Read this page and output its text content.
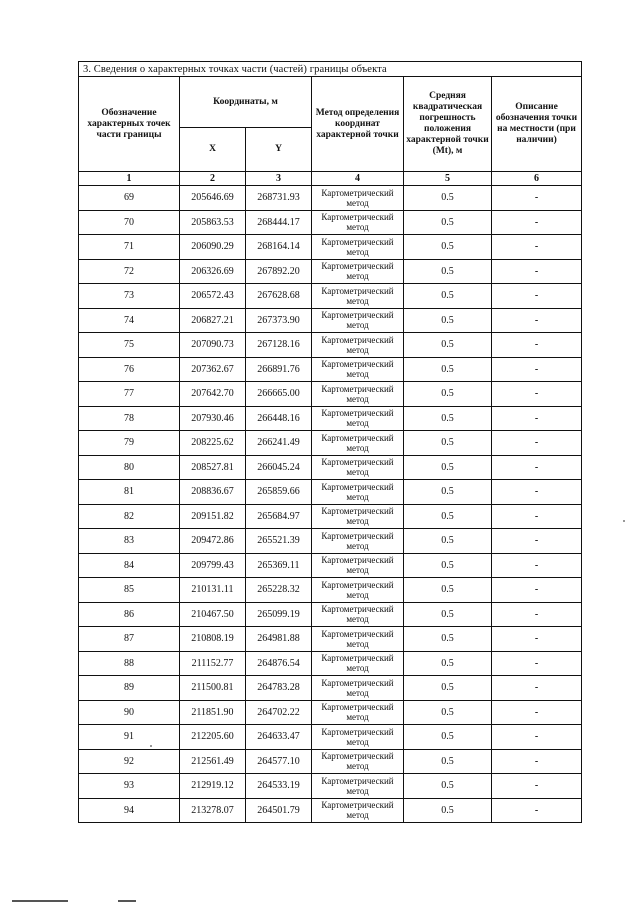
3. Сведения о характерных точках части (частей) границы объекта					
Обозначение характерных точек части границы	Координаты, м		Метод определения координат характерной точки	Средняя квадратическая погрешность положения характерной точки (Mt), м	Описание обозначения точки на местности (при наличии)
	X	Y			
1	2	3	4	5	6
69	205646.69	268731.93	Картометрический метод	0.5	-
70	205863.53	268444.17	Картометрический метод	0.5	-
71	206090.29	268164.14	Картометрический метод	0.5	-
72	206326.69	267892.20	Картометрический метод	0.5	-
73	206572.43	267628.68	Картометрический метод	0.5	-
74	206827.21	267373.90	Картометрический метод	0.5	-
75	207090.73	267128.16	Картометрический метод	0.5	-
76	207362.67	266891.76	Картометрический метод	0.5	-
77	207642.70	266665.00	Картометрический метод	0.5	-
78	207930.46	266448.16	Картометрический метод	0.5	-
79	208225.62	266241.49	Картометрический метод	0.5	-
80	208527.81	266045.24	Картометрический метод	0.5	-
81	208836.67	265859.66	Картометрический метод	0.5	-
82	209151.82	265684.97	Картометрический метод	0.5	-
83	209472.86	265521.39	Картометрический метод	0.5	-
84	209799.43	265369.11	Картометрический метод	0.5	-
85	210131.11	265228.32	Картометрический метод	0.5	-
86	210467.50	265099.19	Картометрический метод	0.5	-
87	210808.19	264981.88	Картометрический метод	0.5	-
88	211152.77	264876.54	Картометрический метод	0.5	-
89	211500.81	264783.28	Картометрический метод	0.5	-
90	211851.90	264702.22	Картометрический метод	0.5	-
91	212205.60	264633.47	Картометрический метод	0.5	-
92	212561.49	264577.10	Картометрический метод	0.5	-
93	212919.12	264533.19	Картометрический метод	0.5	-
94	213278.07	264501.79	Картометрический метод	0.5	-
